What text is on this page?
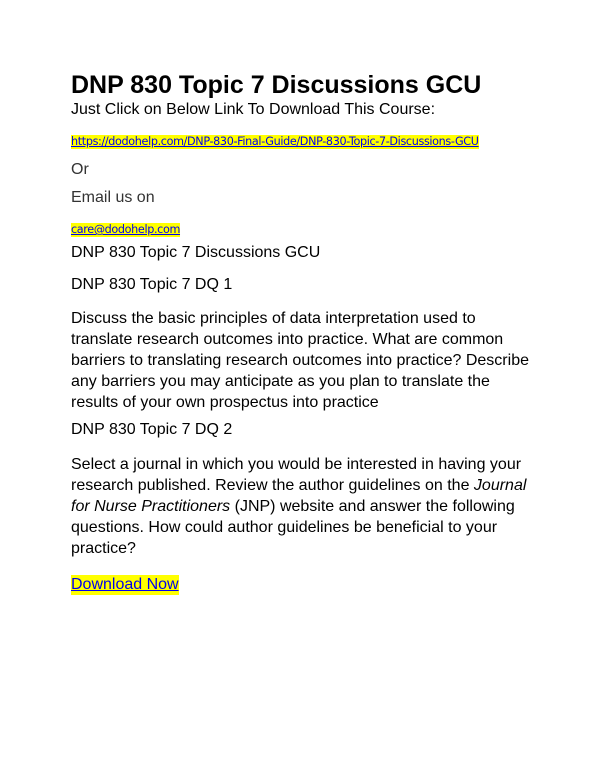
DNP 830 Topic 7 Discussions GCU
Just Click on Below Link To Download This Course:
https://dodohelp.com/DNP-830-Final-Guide/DNP-830-Topic-7-Discussions-GCU
Or
Email us on
care@dodohelp.com
DNP 830 Topic 7 Discussions GCU
DNP 830 Topic 7 DQ 1
Discuss the basic principles of data interpretation used to
translate research outcomes into practice. What are common
barriers to translating research outcomes into practice? Describe
any barriers you may anticipate as you plan to translate the
results of your own prospectus into practice
DNP 830 Topic 7 DQ 2
Select a journal in which you would be interested in having your
research published. Review the author guidelines on the Journal
for Nurse Practitioners (JNP) website and answer the following
questions. How could author guidelines be beneficial to your
practice?
Download Now
